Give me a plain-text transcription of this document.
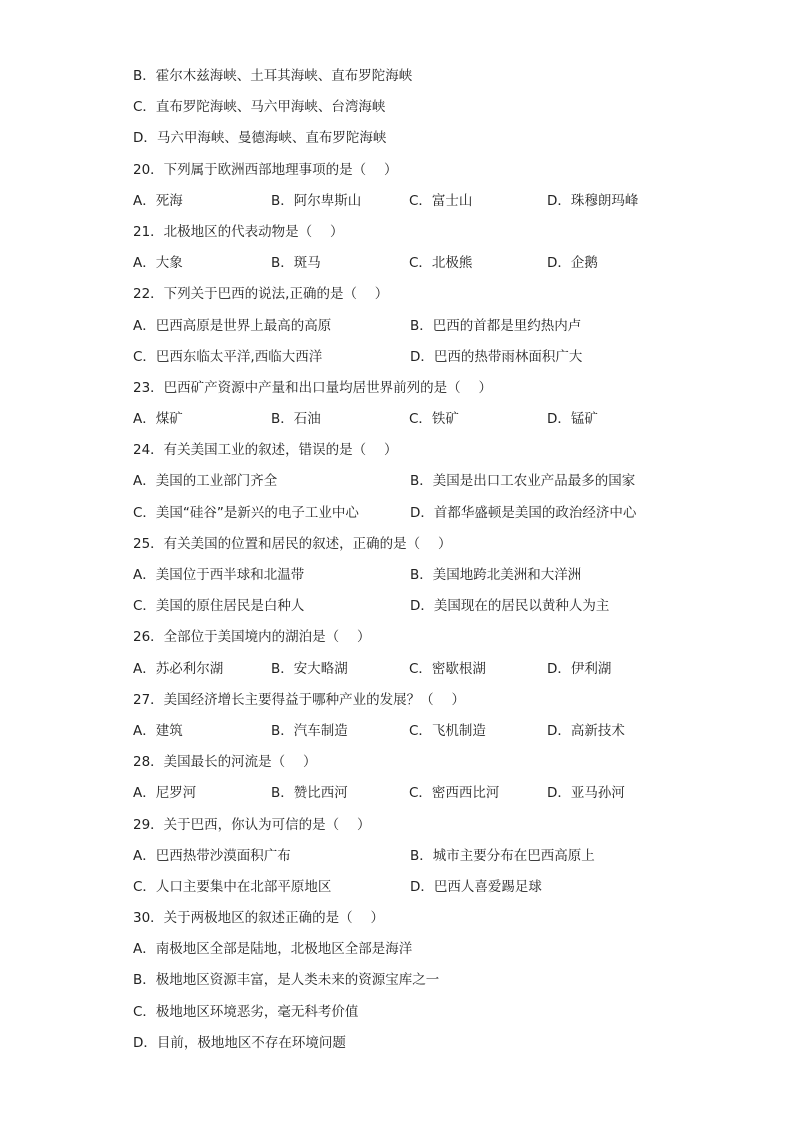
B．霍尔木兹海峡、土耳其海峡、直布罗陀海峡
C．直布罗陀海峡、马六甲海峡、台湾海峡
D．马六甲海峡、曼德海峡、直布罗陀海峡
20．下列属于欧洲西部地理事项的是（　 ）
A．死海	B．阿尔卑斯山	C．富士山	D．珠穆朗玛峰
21．北极地区的代表动物是（　 ）
A．大象	B．斑马	C．北极熊	D．企鹅
22．下列关于巴西的说法,正确的是（　 ）
A．巴西高原是世界上最高的高原	B．巴西的首都是里约热内卢
C．巴西东临太平洋,西临大西洋	D．巴西的热带雨林面积广大
23．巴西矿产资源中产量和出口量均居世界前列的是（　 ）
A．煤矿	B．石油	C．铁矿	D．锰矿
24．有关美国工业的叙述，错误的是（　 ）
A．美国的工业部门齐全	B．美国是出口工农业产品最多的国家
C．美国“硅谷”是新兴的电子工业中心	D．首都华盛顿是美国的政治经济中心
25．有关美国的位置和居民的叙述，正确的是（　 ）
A．美国位于西半球和北温带	B．美国地跨北美洲和大洋洲
C．美国的原住居民是白种人	D．美国现在的居民以黄种人为主
26．全部位于美国境内的湖泊是（　 ）
A．苏必利尔湖	B．安大略湖	C．密歇根湖	D．伊利湖
27．美国经济增长主要得益于哪种产业的发展？（　 ）
A．建筑	B．汽车制造	C．飞机制造	D．高新技术
28．美国最长的河流是（　 ）
A．尼罗河	B．赞比西河	C．密西西比河	D．亚马孙河
29．关于巴西，你认为可信的是（　 ）
A．巴西热带沙漠面积广布	B．城市主要分布在巴西高原上
C．人口主要集中在北部平原地区	D．巴西人喜爱踢足球
30．关于两极地区的叙述正确的是（　 ）
A．南极地区全部是陆地，北极地区全部是海洋
B．极地地区资源丰富，是人类未来的资源宝库之一
C．极地地区环境恶劣，毫无科考价值
D．目前，极地地区不存在环境问题
